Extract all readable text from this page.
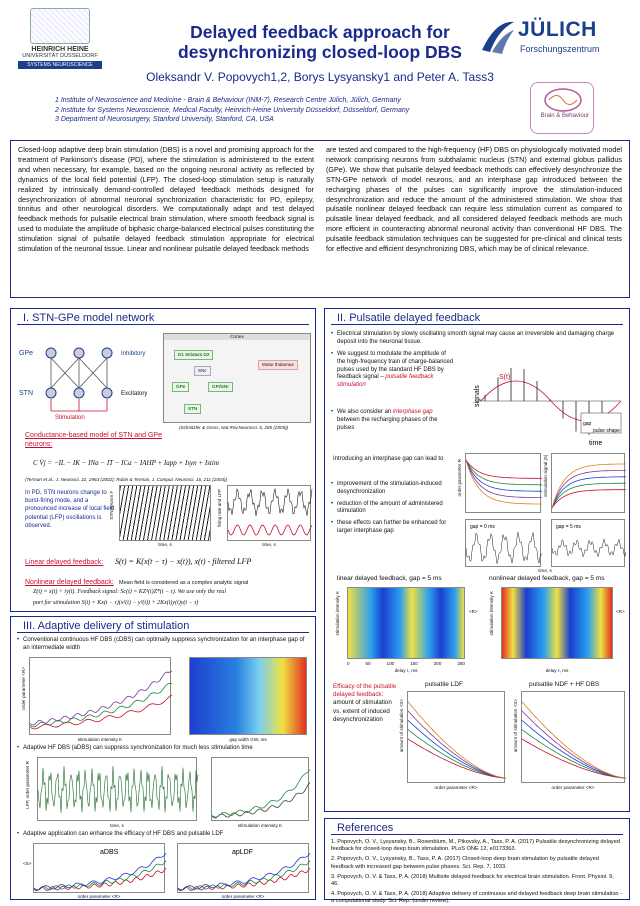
HEINRICH HEINE
UNIVERSITÄT DÜSSELDORF
SYSTEMS NEUROSCIENCE
Delayed feedback approach for
desynchronizing closed-loop DBS
JÜLICH
Forschungszentrum
Oleksandr V. Popovych1,2, Borys Lysyansky1 and Peter A. Tass3
1 Institute of Neuroscience and Medicine - Brain & Behaviour (INM-7), Research Centre Jülich, Jülich, Germany
2 Institute for Systems Neuroscience, Medical Faculty, Heinrich-Heine University Düsseldorf, Düsseldorf, Germany
3 Department of Neurosurgery, Stanford University, Stanford, CA, USA	Brain & Behaviour
Closed-loop adaptive deep brain stimulation (DBS) is a novel and promising approach for the treatment of Parkinson's disease (PD), where the stimulation is administered to the extent and when necessary, for example, based on the ongoing neuronal activity as reflected by dynamics of the local field potential (LFP). The closed-loop stimulation setup is naturally realized by intrinsically demand-controlled delayed feedback methods designed for desynchronization of abnormal neuronal synchronization characteristic for PD, epilepsy, tinnitus and other neurological disorders. We computationally adapt and test delayed feedback methods for pulsatile electrical brain stimulation, where smooth feedback signal is used to modulate the amplitude of biphasic charge-balanced electrical pulses constituting the stimulation signal of pulsatile delayed feedback stimulation appropriate for electrical stimulation of the neuronal tissue. Linear and nonlinear pulsatile delayed feedback methods
are tested and compared to the high-frequency (HF) DBS on physiologically motivated model network comprising neurons from subthalamic nucleus (STN) and external globus pallidus (GPe). We show that pulsatile delayed feedback methods can effectively desynchronize the STN-GPe network of model neurons, and an interphase gap introduced between the recharging phases of the pulses can significantly improve the stimulation-induced desynchronization and reduce the amount of the administered stimulation. We show that pulsatile nonlinear delayed feedback can require less stimulation current as compared to pulsatile linear delayed feedback, and all considered delayed feedback methods are much more efficient in counteracting abnormal neuronal activity than conventional HF DBS. The pulsatile feedback stimulation techniques can be suggested for pre-clinical and clinical tests for effective and efficient desynchronizing DBS, which may be of clinical relevance.
I. STN-GPe model network
GPe
STN
Inhibitory
Excitatory
Stimulation
Cortex
D1 Striatum D2
Motor thalamus
SNc
GPe	GPi/SNr
STN
(Schnitzler & Gross, Nat.Rev.Neurosci. 6, 285 (2005))
Conductance-based model of STN and GPe neurons:
C V̇j = −IL − IK − INa − IT − ICa − IAHP + Iapp + Isyn + Istim
(Terman et al., J. Neurosci. 22, 2963 (2002); Rubin & Terman, J. Comput. Neurosci. 16, 211 (2004))
In PD, STN neurons change to burst-firing mode, and a pronounced increase of local field potential (LFP) oscillations is observed.
time, s
STN neuron #	firing rate and LFP
time, s
Linear delayed feedback: S(t) = K(x(t − τ) − x(t)), x(t) - filtered LFP
Nonlinear delayed feedback: Mean field is considered as a complex analytic signal
Z(t) = x(t) + iy(t). Feedback signal: Sc(t) = KZ²(t)Z*(t − τ). We use only the real
part for stimulation S(t) = Kx(t − τ)(x²(t) − y²(t)) + 2Kx(t)y(t)y(t − τ)
III. Adaptive delivery of stimulation
• Conventional continuous HF DBS (cDBS) can optimally suppress synchronization for an interphase gap of an intermediate width
order parameter <R>
stimulation intensity K	gap width GW, ms
• Adaptive HF DBS (aDBS) can suppress synchronization for much less stimulation time
LFP, order parameter R
time, s	stimulation intensity K
• Adaptive application can enhance the efficacy of HF DBS and pulsatile LDF
aDBS
<S>
order parameter <R>
apLDF
order parameter <R>
II. Pulsatile delayed feedback
• Electrical stimulation by slowly oscillating smooth signal may cause an irreversible and damaging charge deposit into the neuronal tissue.
• We suggest to modulate the amplitude of the high-frequency train of charge-balanced pulses used by the standard HF DBS by feedback signal – pulsatile feedback stimulation
• We also consider an interphase gap between the recharging phases of the pulses
signals
S(t)
time
gap
pulse shape
Introducing an interphase gap can lead to
• improvement of the stimulation-induced desynchronization
• reduction of the amount of administered stimulation
• these effects can further be enhanced for larger interphase gap
order parameter R	stimulation signal |S|
gap = 0 ms	gap = 5 ms
time, s
linear delayed feedback, gap = 5 ms	nonlinear delayed feedback, gap = 5 ms
stimulation intensity K	stimulation intensity K
0	50	100	150	200	250
delay τ, ms	delay τ, ms
<R>	<R>
Efficacy of the pulsatile delayed feedback: amount of stimulation vs. extent of induced desynchronization
pulsatile LDF	pulsatile NDF + HF DBS
amount of stimulation <S>	amount of stimulation <S>
order parameter <R>	order parameter <R>
References

1. Popovych, O. V., Lysyansky, B., Rosenblum, M., Pikovsky, A., Tass, P. A. (2017) Pulsatile desynchronizing delayed feedback for closed-loop deep brain stimulation. PLoS ONE 12, e0173363.

2. Popovych, O. V., Lysyansky, B., Tass, P. A. (2017) Closed-loop deep brain stimulation by pulsatile delayed feedback with increased gap between pulse phases. Sci. Rep. 7, 1033.

3. Popovych, O. V. & Tass, P. A. (2018) Multisite delayed feedback for electrical brain stimulation. Front. Physiol. 9, 46.

4. Popovych, O. V. & Tass, P. A. (2018) Adaptive delivery of continuous and delayed feedback deep brain stimulation - a computational study. Sci. Rep. (under review).
